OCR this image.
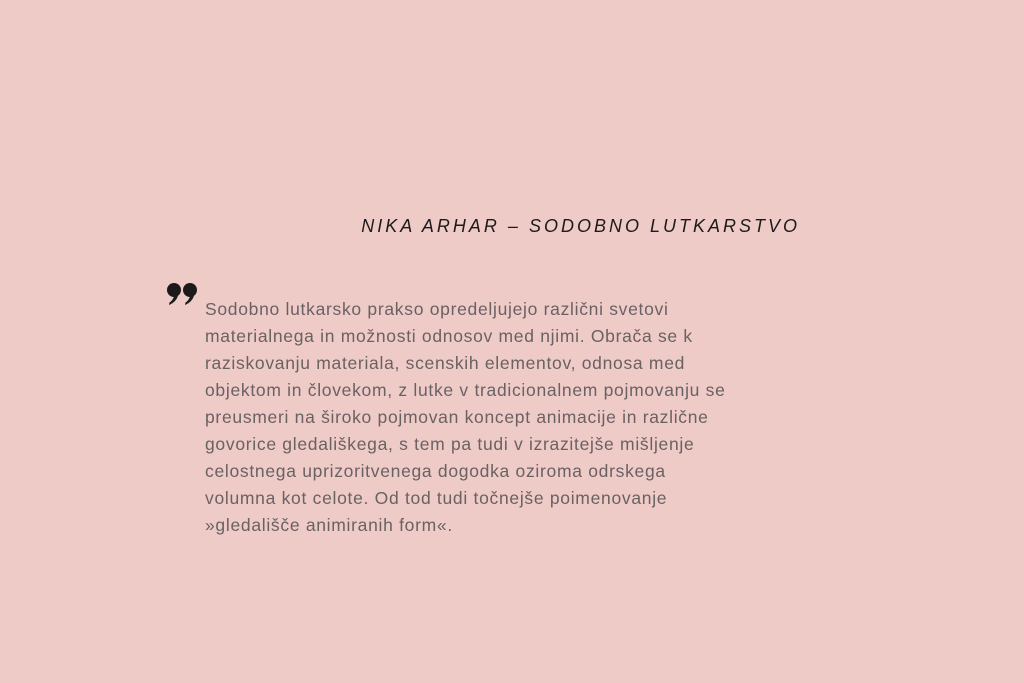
NIKA ARHAR – SODOBNO LUTKARSTVO

Sodobno lutkarsko prakso opredeljujejo različni svetovi
materialnega in možnosti odnosov med njimi. Obrača se k
raziskovanju materiala, scenskih elementov, odnosa med
objektom in človekom, z lutke v tradicionalnem pojmovanju se
preusmeri na široko pojmovan koncept animacije in različne
govorice gledališkega, s tem pa tudi v izrazitejše mišljenje
celostnega uprizoritvenega dogodka oziroma odrskega
volumna kot celote. Od tod tudi točnejše poimenovanje
»gledališče animiranih form«.
